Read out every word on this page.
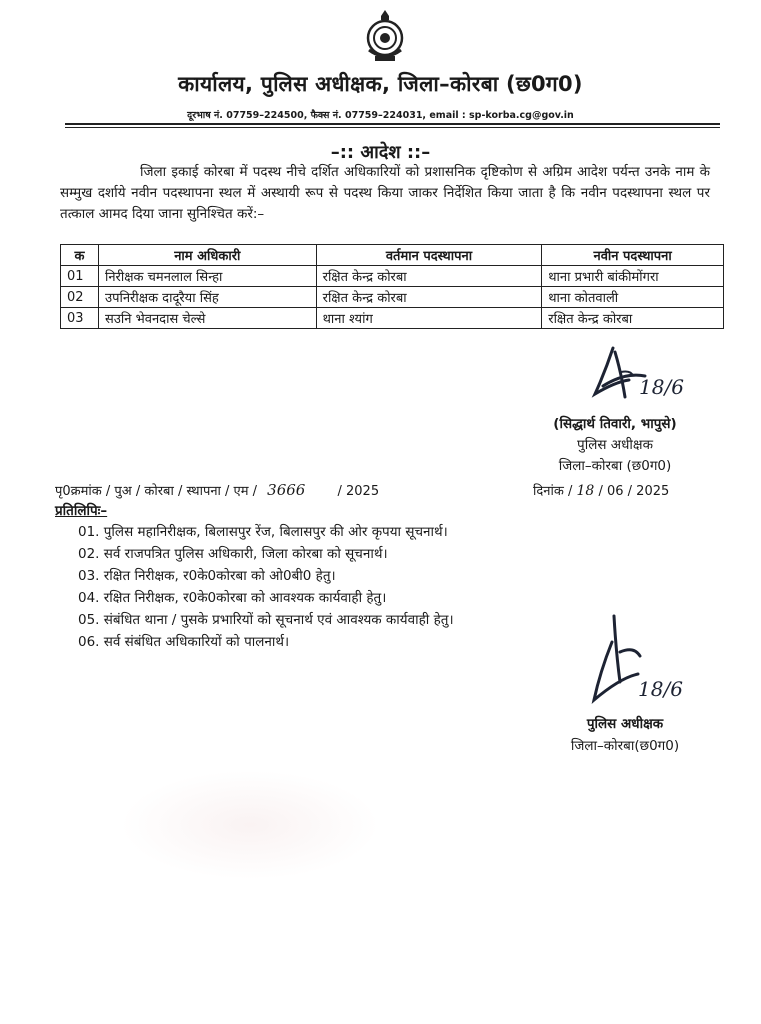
कार्यालय, पुलिस अधीक्षक, जिला–कोरबा (छ0ग0)
दूरभाष नं. 07759–224500, फैक्स नं. 07759–224031, email : sp-korba.cg@gov.in
–:: आदेश ::–
जिला इकाई कोरबा में पदस्थ नीचे दर्शित अधिकारियों को प्रशासनिक दृष्टिकोण से अग्रिम आदेश पर्यन्त उनके नाम के सम्मुख दर्शाये नवीन पदस्थापना स्थल में अस्थायी रूप से पदस्थ किया जाकर निर्देशित किया जाता है कि नवीन पदस्थापना स्थल पर तत्काल आमद दिया जाना सुनिश्चित करें:–
क	नाम अधिकारी	वर्तमान पदस्थापना	नवीन पदस्थापना
01	निरीक्षक चमनलाल सिन्हा	रक्षित केन्द्र कोरबा	थाना प्रभारी बांकीमोंगरा
02	उपनिरीक्षक दादूरैया सिंह	रक्षित केन्द्र कोरबा	थाना कोतवाली
03	सउनि भेवनदास चेल्से	थाना श्यांग	रक्षित केन्द्र कोरबा
18/6
(सिद्धार्थ तिवारी, भापुसे)
पुलिस अधीक्षक
जिला–कोरबा (छ0ग0)
पृ0क्रमांक / पुअ / कोरबा / स्थापना / एम / 3666 / 2025	दिनांक / 18 / 06 / 2025
प्रतिलिपिः–
01. पुलिस महानिरीक्षक, बिलासपुर रेंज, बिलासपुर की ओर कृपया सूचनार्थ।
02. सर्व राजपत्रित पुलिस अधिकारी, जिला कोरबा को सूचनार्थ।
03. रक्षित निरीक्षक, र0के0कोरबा को ओ0बी0 हेतु।
04. रक्षित निरीक्षक, र0के0कोरबा को आवश्यक कार्यवाही हेतु।
05. संबंधित थाना / पुसके प्रभारियों को सूचनार्थ एवं आवश्यक कार्यवाही हेतु।
06. सर्व संबंधित अधिकारियों को पालनार्थ।
18/6
पुलिस अधीक्षक
जिला–कोरबा(छ0ग0)
